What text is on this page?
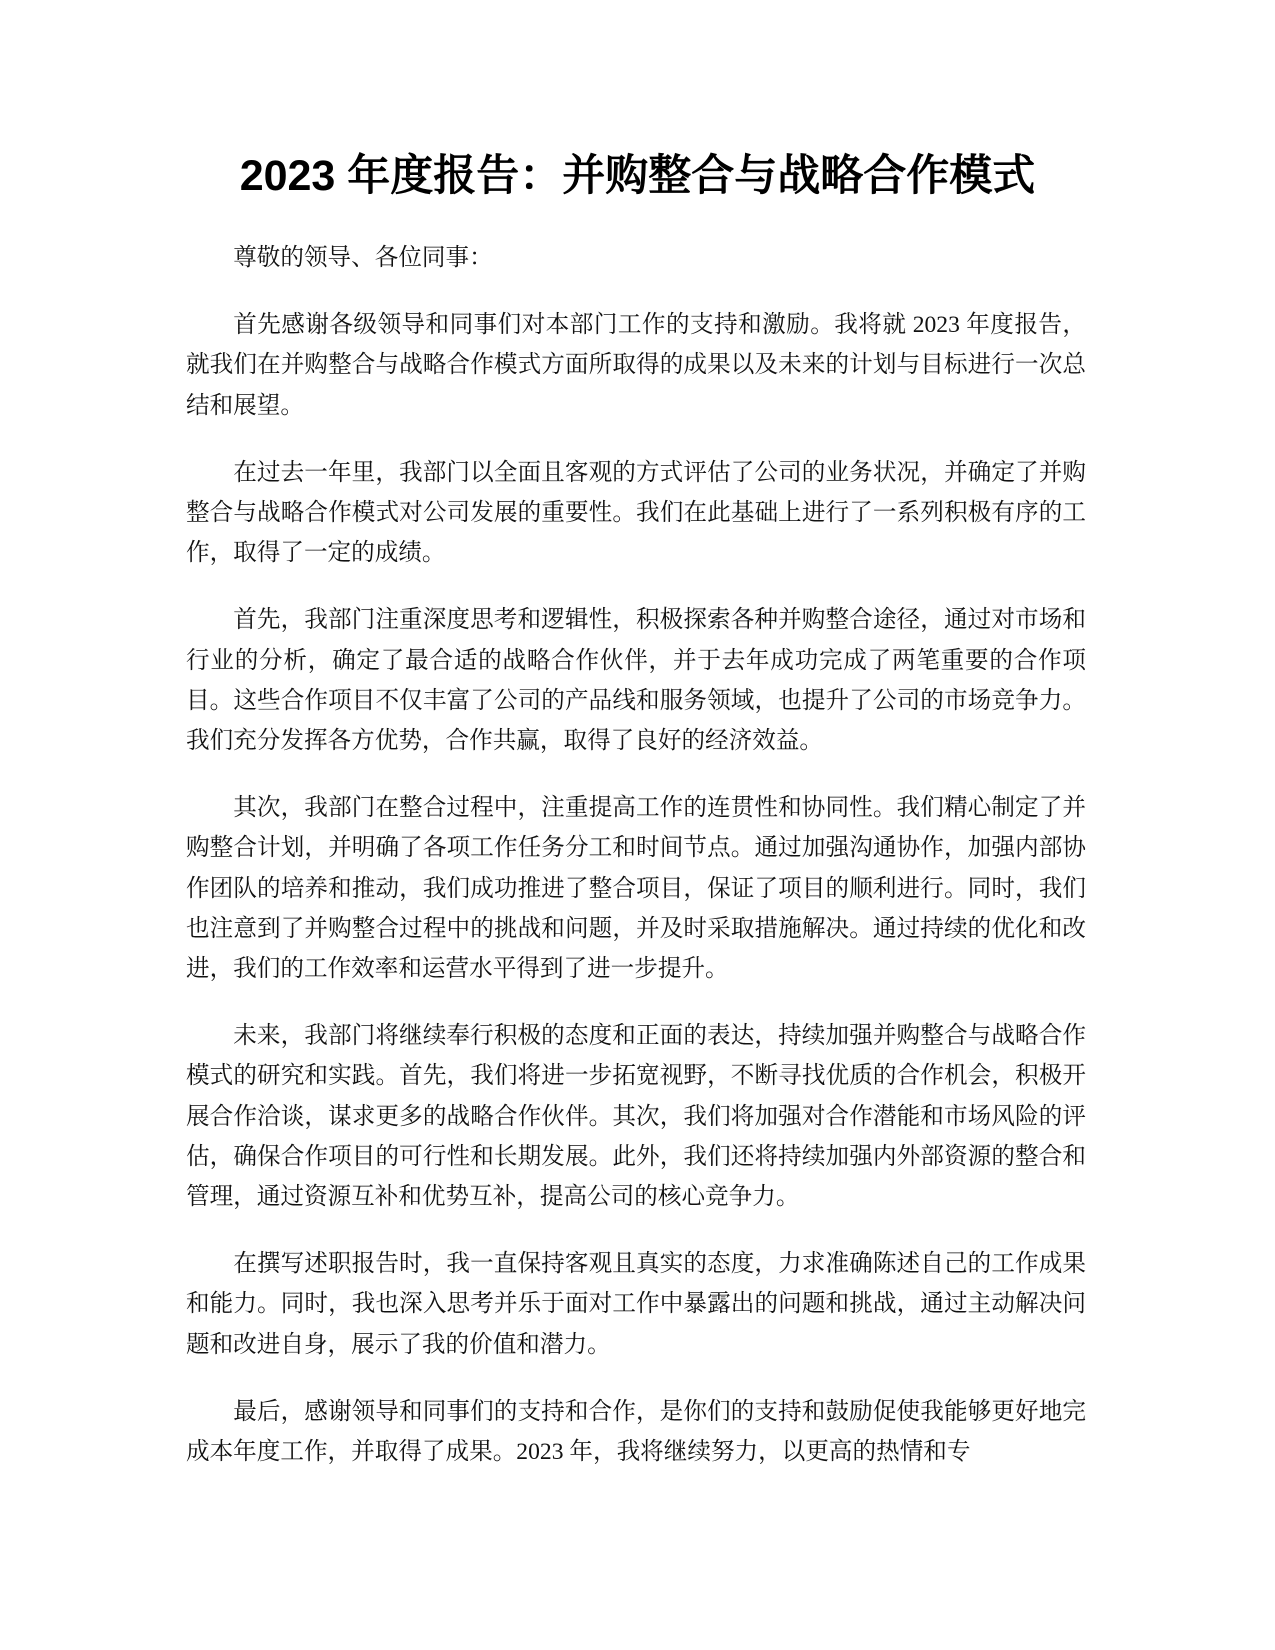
2023 年度报告：并购整合与战略合作模式

尊敬的领导、各位同事：

首先感谢各级领导和同事们对本部门工作的支持和激励。我将就 2023 年度报告，就我们在并购整合与战略合作模式方面所取得的成果以及未来的计划与目标进行一次总结和展望。

在过去一年里，我部门以全面且客观的方式评估了公司的业务状况，并确定了并购整合与战略合作模式对公司发展的重要性。我们在此基础上进行了一系列积极有序的工作，取得了一定的成绩。

首先，我部门注重深度思考和逻辑性，积极探索各种并购整合途径，通过对市场和行业的分析，确定了最合适的战略合作伙伴，并于去年成功完成了两笔重要的合作项目。这些合作项目不仅丰富了公司的产品线和服务领域，也提升了公司的市场竞争力。我们充分发挥各方优势，合作共赢，取得了良好的经济效益。

其次，我部门在整合过程中，注重提高工作的连贯性和协同性。我们精心制定了并购整合计划，并明确了各项工作任务分工和时间节点。通过加强沟通协作，加强内部协作团队的培养和推动，我们成功推进了整合项目，保证了项目的顺利进行。同时，我们也注意到了并购整合过程中的挑战和问题，并及时采取措施解决。通过持续的优化和改进，我们的工作效率和运营水平得到了进一步提升。

未来，我部门将继续奉行积极的态度和正面的表达，持续加强并购整合与战略合作模式的研究和实践。首先，我们将进一步拓宽视野，不断寻找优质的合作机会，积极开展合作洽谈，谋求更多的战略合作伙伴。其次，我们将加强对合作潜能和市场风险的评估，确保合作项目的可行性和长期发展。此外，我们还将持续加强内外部资源的整合和管理，通过资源互补和优势互补，提高公司的核心竞争力。

在撰写述职报告时，我一直保持客观且真实的态度，力求准确陈述自己的工作成果和能力。同时，我也深入思考并乐于面对工作中暴露出的问题和挑战，通过主动解决问题和改进自身，展示了我的价值和潜力。

最后，感谢领导和同事们的支持和合作，是你们的支持和鼓励促使我能够更好地完成本年度工作，并取得了成果。2023 年，我将继续努力，以更高的热情和专
